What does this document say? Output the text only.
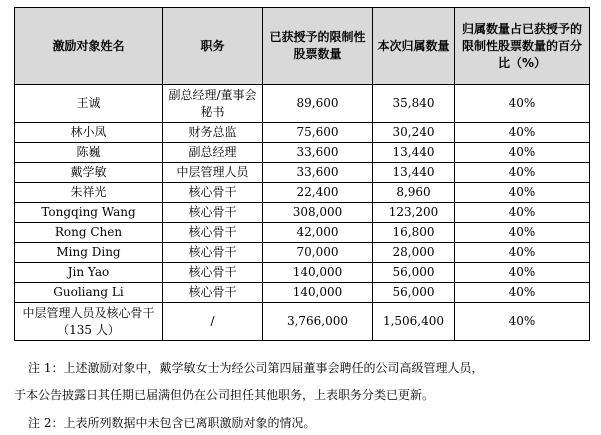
激励对象姓名	职务	已获授予的限制性股票数量	本次归属数量	归属数量占已获授予的限制性股票数量的百分比（%）
王诚	副总经理/董事会秘书	89,600	35,840	40%
林小凤	财务总监	75,600	30,240	40%
陈巍	副总经理	33,600	13,440	40%
戴学敏	中层管理人员	33,600	13,440	40%
朱祥光	核心骨干	22,400	8,960	40%
Tongqing Wang	核心骨干	308,000	123,200	40%
Rong Chen	核心骨干	42,000	16,800	40%
Ming Ding	核心骨干	70,000	28,000	40%
Jin Yao	核心骨干	140,000	56,000	40%
Guoliang Li	核心骨干	140,000	56,000	40%
中层管理人员及核心骨干（135 人）	/	3,766,000	1,506,400	40%
注 1：上述激励对象中，戴学敏女士为经公司第四届董事会聘任的公司高级管理人员，
于本公告披露日其任期已届满但仍在公司担任其他职务，上表职务分类已更新。
注 2：上表所列数据中未包含已离职激励对象的情况。
